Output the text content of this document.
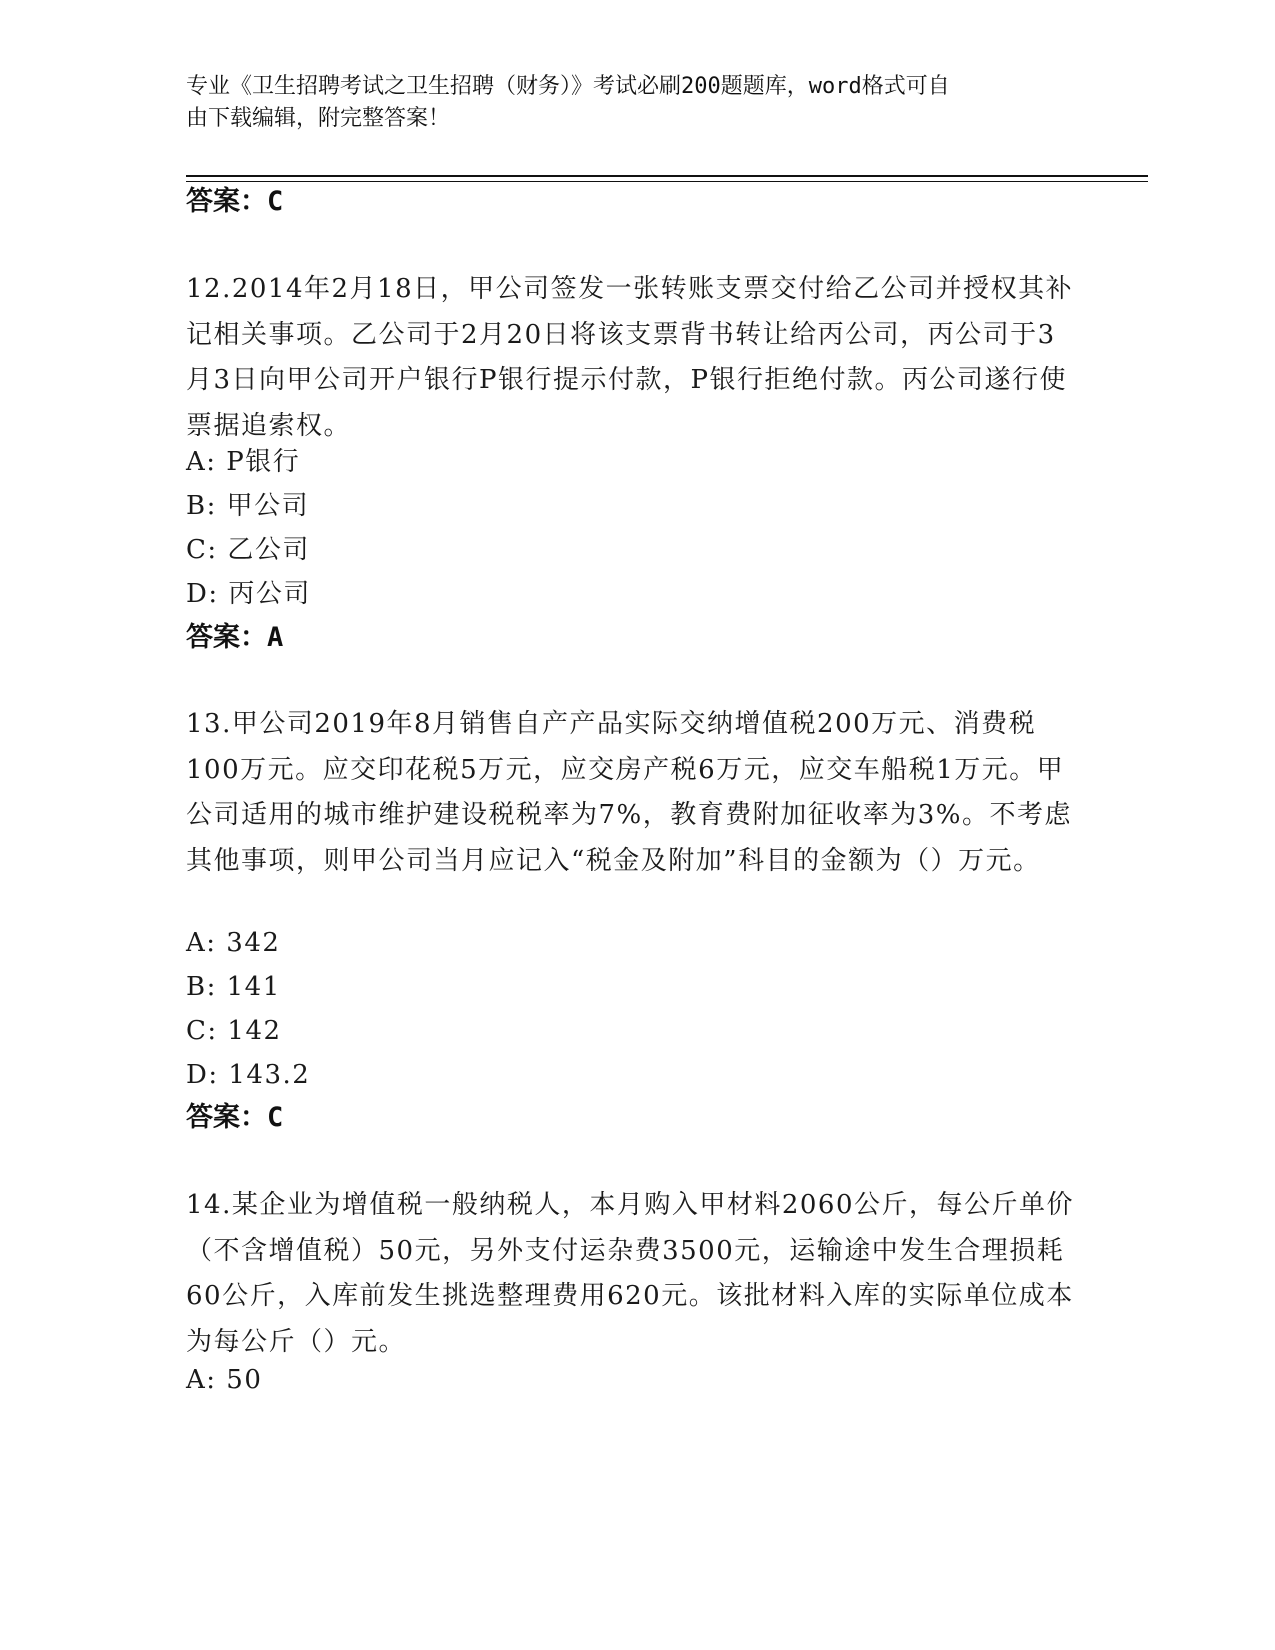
专业《卫生招聘考试之卫生招聘（财务）》考试必刷200题题库，word格式可自
由下载编辑，附完整答案！
答案：C
12.2014年2月18日，甲公司签发一张转账支票交付给乙公司并授权其补记相关事项。乙公司于2月20日将该支票背书转让给丙公司，丙公司于3月3日向甲公司开户银行P银行提示付款，P银行拒绝付款。丙公司遂行使票据追索权。
A: P银行
B: 甲公司
C: 乙公司
D: 丙公司
答案：A
13.甲公司2019年8月销售自产产品实际交纳增值税200万元、消费税100万元。应交印花税5万元，应交房产税6万元，应交车船税1万元。甲公司适用的城市维护建设税税率为7%，教育费附加征收率为3%。不考虑其他事项，则甲公司当月应记入“税金及附加”科目的金额为（）万元。
A: 342
B: 141
C: 142
D: 143.2
答案：C
14.某企业为增值税一般纳税人，本月购入甲材料2060公斤，每公斤单价（不含增值税）50元，另外支付运杂费3500元，运输途中发生合理损耗60公斤，入库前发生挑选整理费用620元。该批材料入库的实际单位成本为每公斤（）元。
A: 50
